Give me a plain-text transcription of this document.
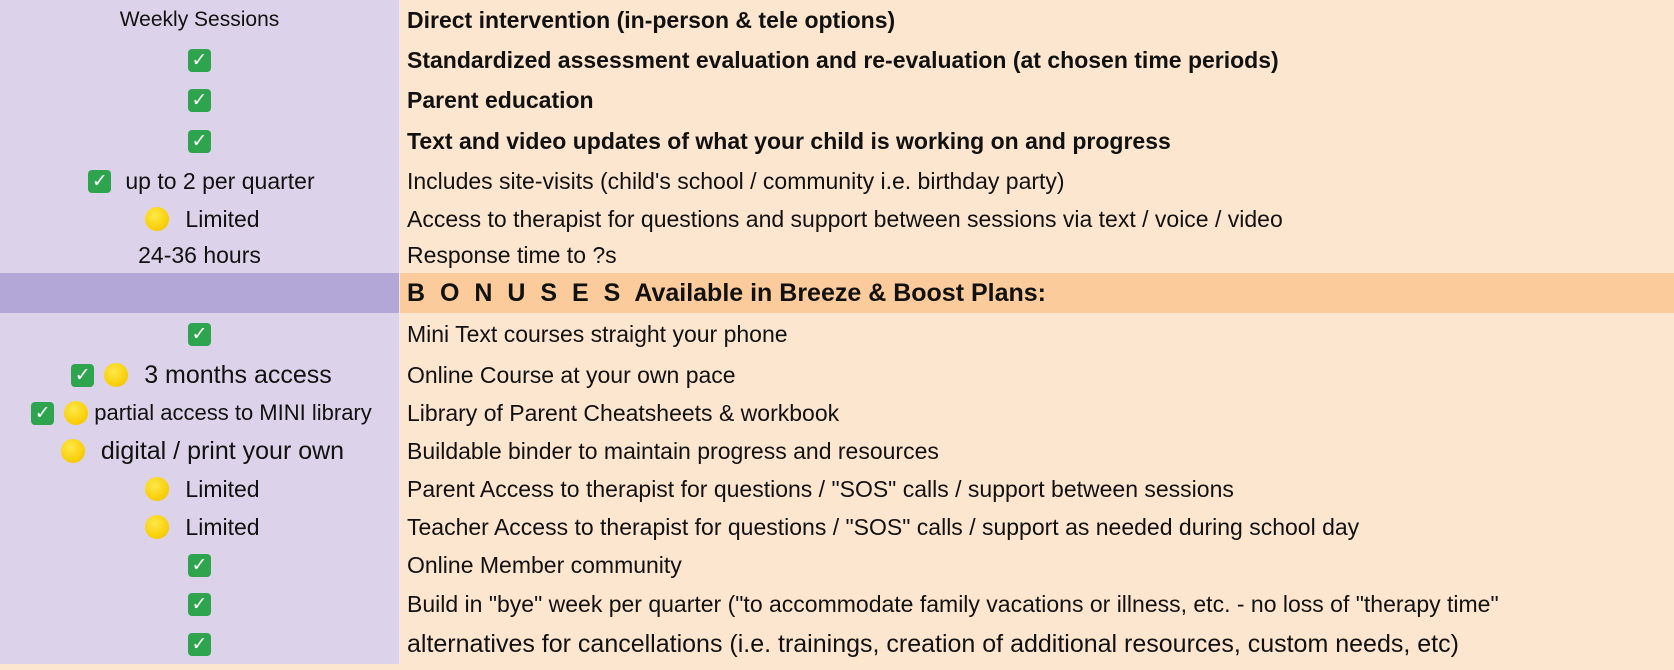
Weekly Sessions	Direct intervention (in-person & tele options)
✓	Standardized assessment evaluation and re-evaluation (at chosen time periods)
✓	Parent education
✓	Text and video updates of what your child is working on and progress
✓ up to 2 per quarter	Includes site-visits (child's school / community i.e. birthday party)
Limited	Access to therapist for questions and support between sessions via text / voice / video
24-36 hours	Response time to ?s
B O N U S E S Available in Breeze & Boost Plans:
✓	Mini Text courses straight your phone
✓ 3 months access	Online Course at your own pace
✓ partial access to MINI library	Library of Parent Cheatsheets & workbook
digital / print your own	Buildable binder to maintain progress and resources
Limited	Parent Access to therapist for questions / "SOS" calls / support between sessions
Limited	Teacher Access to therapist for questions / "SOS" calls / support as needed during school day
✓	Online Member community
✓	Build in "bye" week per quarter ("to accommodate family vacations or illness, etc. - no loss of "therapy time"
✓	alternatives for cancellations (i.e. trainings, creation of additional resources, custom needs, etc)
